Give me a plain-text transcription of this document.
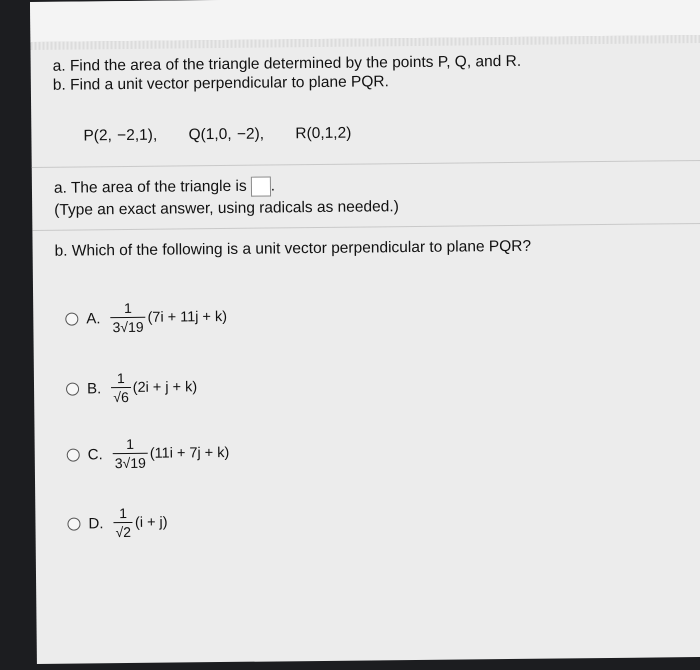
a. Find the area of the triangle determined by the points P, Q, and R.
b. Find a unit vector perpendicular to plane PQR.
P(2, −2,1), Q(1,0, −2), R(0,1,2)
a. The area of the triangle is .
(Type an exact answer, using radicals as needed.)
b. Which of the following is a unit vector perpendicular to plane PQR?
A. $\frac{1}{3√19} (7i + 11j + k)$
B. $\frac{1}{√6} (2i + j + k)$
C. $\frac{1}{3√19} (11i + 7j + k)$
D. $\frac{1}{√2} (i + j)$
